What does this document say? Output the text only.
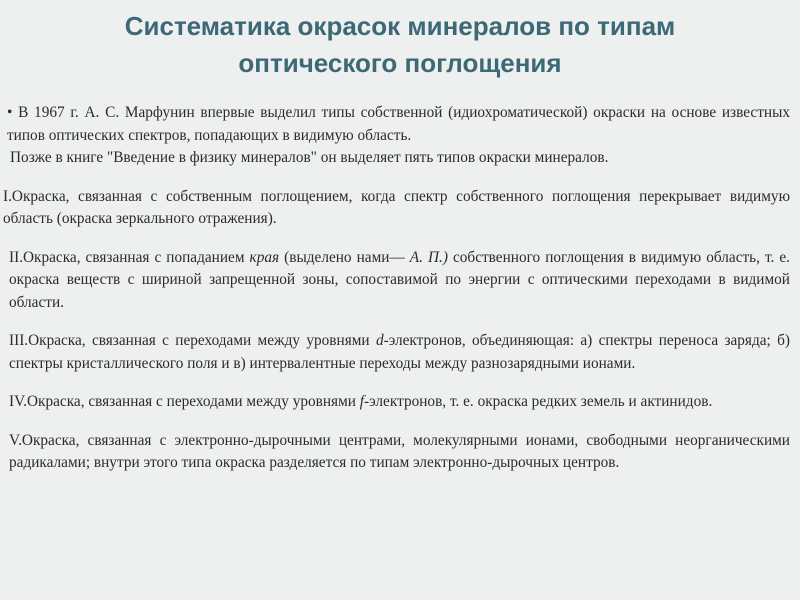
Систематика окрасок минералов по типам
оптического поглощения

• В 1967 г. А. С. Марфунин впервые выделил типы собственной (идиохроматической) окраски на основе известных типов оптических спектров, попадающих в видимую область.

Позже в книге "Введение в физику минералов" он выделяет пять типов окраски минералов.

I.Окраска, связанная с собственным поглощением, когда спектр собственного поглощения перекрывает видимую область (окраска зеркального отражения).

II.Окраска, связанная с попаданием края (выделено нами— А. П.) собственного поглощения в видимую область, т. е. окраска веществ с шириной запрещенной зоны, сопоставимой по энергии с оптическими переходами в видимой области.

III.Окраска, связанная с переходами между уровнями d-электронов, объединяющая: а) спектры переноса заряда; б) спектры кристаллического поля и в) интервалентные переходы между разнозарядными ионами.

IV.Окраска, связанная с переходами между уровнями f-электронов, т. е. окраска редких земель и актинидов.

V.Окраска, связанная с электронно-дырочными центрами, молекулярными ионами, свободными неорганическими радикалами; внутри этого типа окраска разделяется по типам электронно-дырочных центров.
